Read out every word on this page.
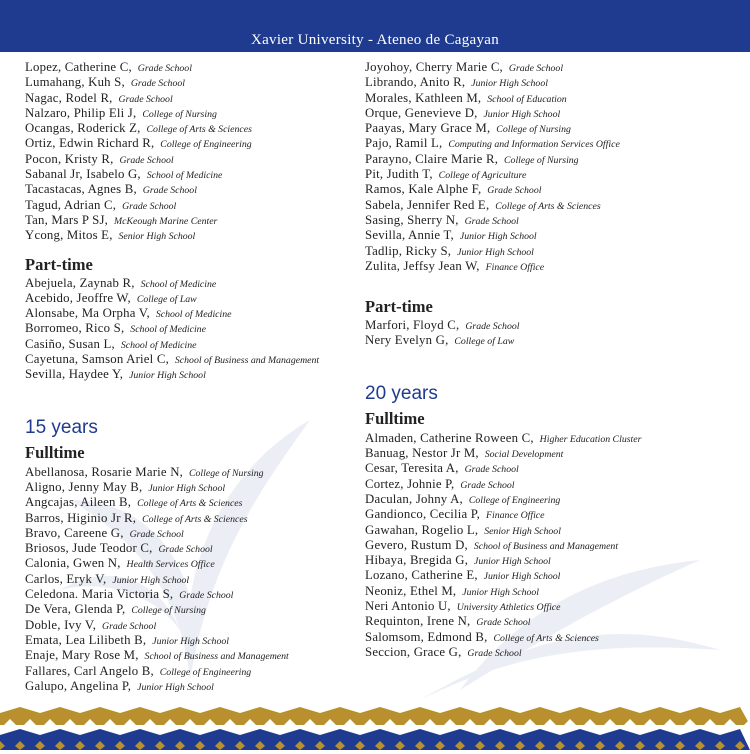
Xavier University - Ateneo de Cagayan
Lopez, Catherine C, Grade School
Lumahang, Kuh S, Grade School
Nagac, Rodel R, Grade School
Nalzaro, Philip Eli J, College of Nursing
Ocangas, Roderick Z, College of Arts & Sciences
Ortiz, Edwin Richard R, College of Engineering
Pocon, Kristy R, Grade School
Sabanal Jr, Isabelo G, School of Medicine
Tacastacas, Agnes B, Grade School
Tagud, Adrian C, Grade School
Tan, Mars P SJ, McKeough Marine Center
Ycong, Mitos E, Senior High School
Part-time
Abejuela, Zaynab R, School of Medicine
Acebido, Jeoffre W, College of Law
Alonsabe, Ma Orpha V, School of Medicine
Borromeo, Rico S, School of Medicine
Casiño, Susan L, School of Medicine
Cayetuna, Samson Ariel C, School of Business and Management
Sevilla, Haydee Y, Junior High School
15 years
Fulltime
Abellanosa, Rosarie Marie N, College of Nursing
Aligno, Jenny May B, Junior High School
Angcajas, Aileen B, College of Arts & Sciences
Barros, Higinio Jr R, College of Arts & Sciences
Bravo, Careene G, Grade School
Briosos, Jude Teodor C, Grade School
Calonia, Gwen N, Health Services Office
Carlos, Eryk V, Junior High School
Celedona. Maria Victoria S, Grade School
De Vera, Glenda P, College of Nursing
Doble, Ivy V, Grade School
Emata, Lea Lilibeth B, Junior High School
Enaje, Mary Rose M, School of Business and Management
Fallares, Carl Angelo B, College of Engineering
Galupo, Angelina P, Junior High School
Joyohoy, Cherry Marie C, Grade School
Librando, Anito R, Junior High School
Morales, Kathleen M, School of Education
Orque, Genevieve D, Junior High School
Paayas, Mary Grace M, College of Nursing
Pajo, Ramil L, Computing and Information Services Office
Parayno, Claire Marie R, College of Nursing
Pit, Judith T, College of Agriculture
Ramos, Kale Alphe F, Grade School
Sabela, Jennifer Red E, College of Arts & Sciences
Sasing, Sherry N, Grade School
Sevilla, Annie T, Junior High School
Tadlip, Ricky S, Junior High School
Zulita, Jeffsy Jean W, Finance Office
Part-time
Marfori, Floyd C, Grade School
Nery Evelyn G, College of Law
20 years
Fulltime
Almaden, Catherine Roween C, Higher Education Cluster
Banuag, Nestor Jr M, Social Development
Cesar, Teresita A, Grade School
Cortez, Johnie P, Grade School
Daculan, Johny A, College of Engineering
Gandionco, Cecilia P, Finance Office
Gawahan, Rogelio L, Senior High School
Gevero, Rustum D, School of Business and Management
Hibaya, Bregida G, Junior High School
Lozano, Catherine E, Junior High School
Neoniz, Ethel M, Junior High School
Neri Antonio U, University Athletics Office
Requinton, Irene N, Grade School
Salomsom, Edmond B, College of Arts & Sciences
Seccion, Grace G, Grade School
